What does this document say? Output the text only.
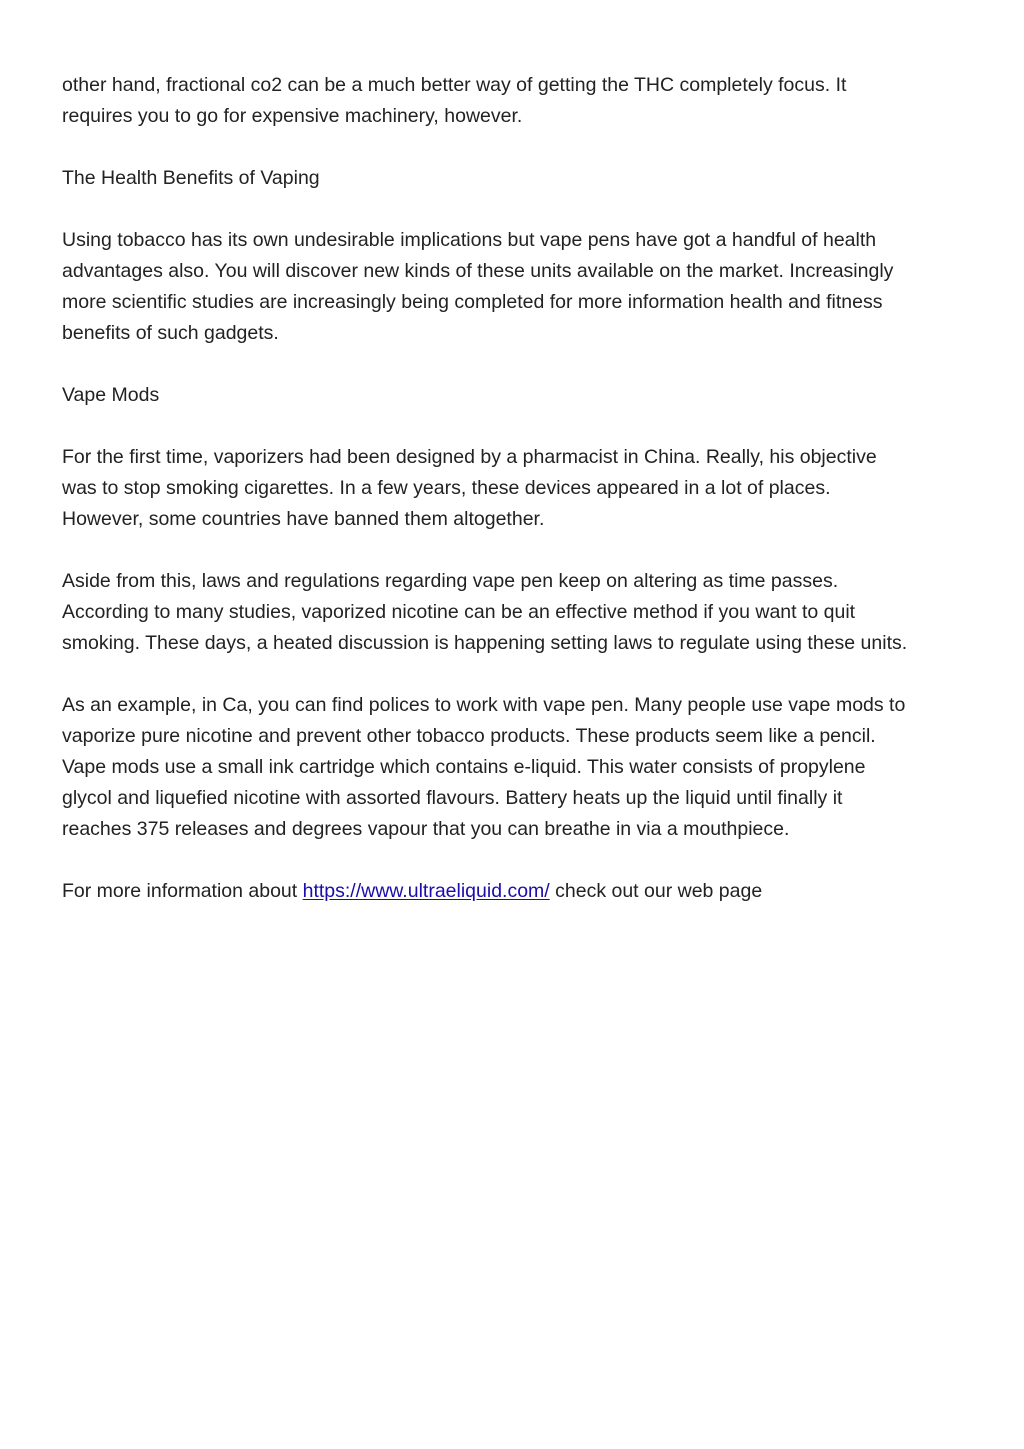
other hand, fractional co2 can be a much better way of getting the THC completely focus. It
requires you to go for expensive machinery, however.

The Health Benefits of Vaping

Using tobacco has its own undesirable implications but vape pens have got a handful of health
advantages also. You will discover new kinds of these units available on the market. Increasingly
more scientific studies are increasingly being completed for more information health and fitness
benefits of such gadgets.

Vape Mods

For the first time, vaporizers had been designed by a pharmacist in China. Really, his objective
was to stop smoking cigarettes. In a few years, these devices appeared in a lot of places.
However, some countries have banned them altogether.

Aside from this, laws and regulations regarding vape pen keep on altering as time passes.
According to many studies, vaporized nicotine can be an effective method if you want to quit
smoking. These days, a heated discussion is happening setting laws to regulate using these units.

As an example, in Ca, you can find polices to work with vape pen. Many people use vape mods to
vaporize pure nicotine and prevent other tobacco products. These products seem like a pencil.
Vape mods use a small ink cartridge which contains e-liquid. This water consists of propylene
glycol and liquefied nicotine with assorted flavours. Battery heats up the liquid until finally it
reaches 375 releases and degrees vapour that you can breathe in via a mouthpiece.

For more information about https://www.ultraeliquid.com/ check out our web page
